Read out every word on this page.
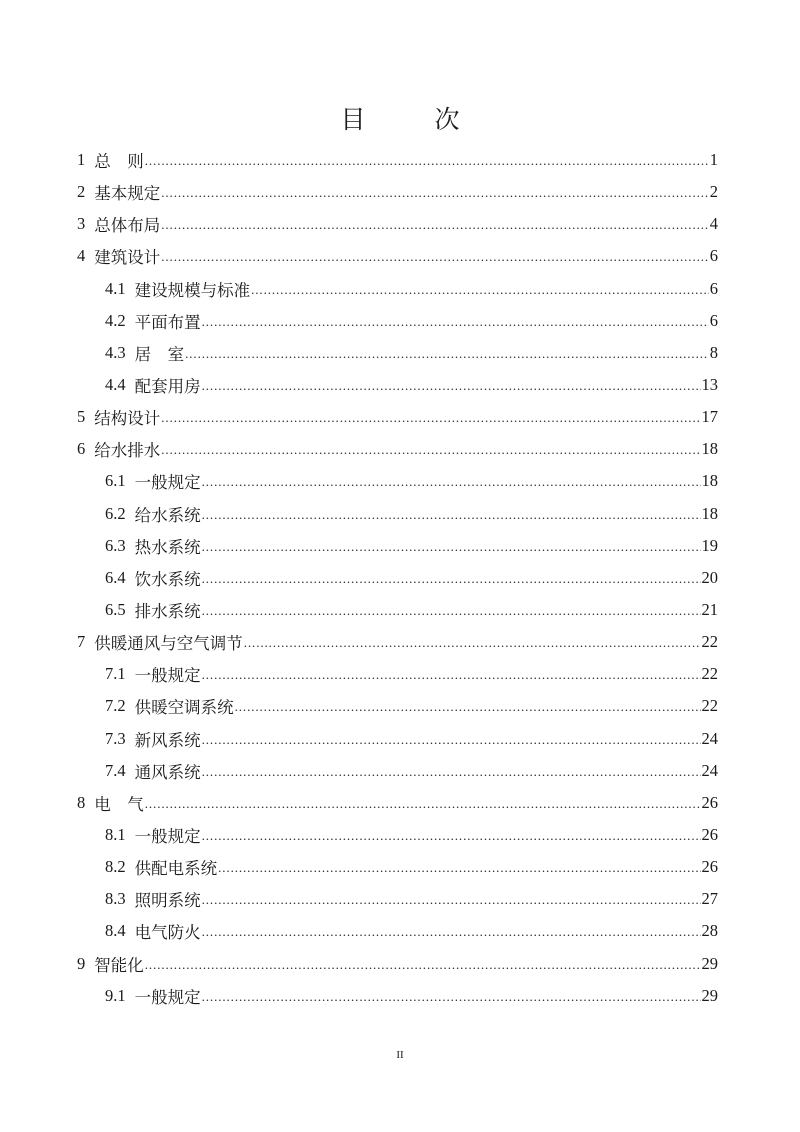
目　次
1 总　则 .....	1
2 基本规定 .....	2
3 总体布局 .....	4
4 建筑设计 .....	6
4.1 建设规模与标准 .....	6
4.2 平面布置 .....	6
4.3 居　室 .....	8
4.4 配套用房 .....	13
5 结构设计 .....	17
6 给水排水 .....	18
6.1 一般规定 .....	18
6.2 给水系统 .....	18
6.3 热水系统 .....	19
6.4 饮水系统 .....	20
6.5 排水系统 .....	21
7 供暖通风与空气调节 .....	22
7.1 一般规定 .....	22
7.2 供暖空调系统 .....	22
7.3 新风系统 .....	24
7.4 通风系统 .....	24
8 电　气 .....	26
8.1 一般规定 .....	26
8.2 供配电系统 .....	26
8.3 照明系统 .....	27
8.4 电气防火 .....	28
9 智能化 .....	29
9.1 一般规定 .....	29
II
